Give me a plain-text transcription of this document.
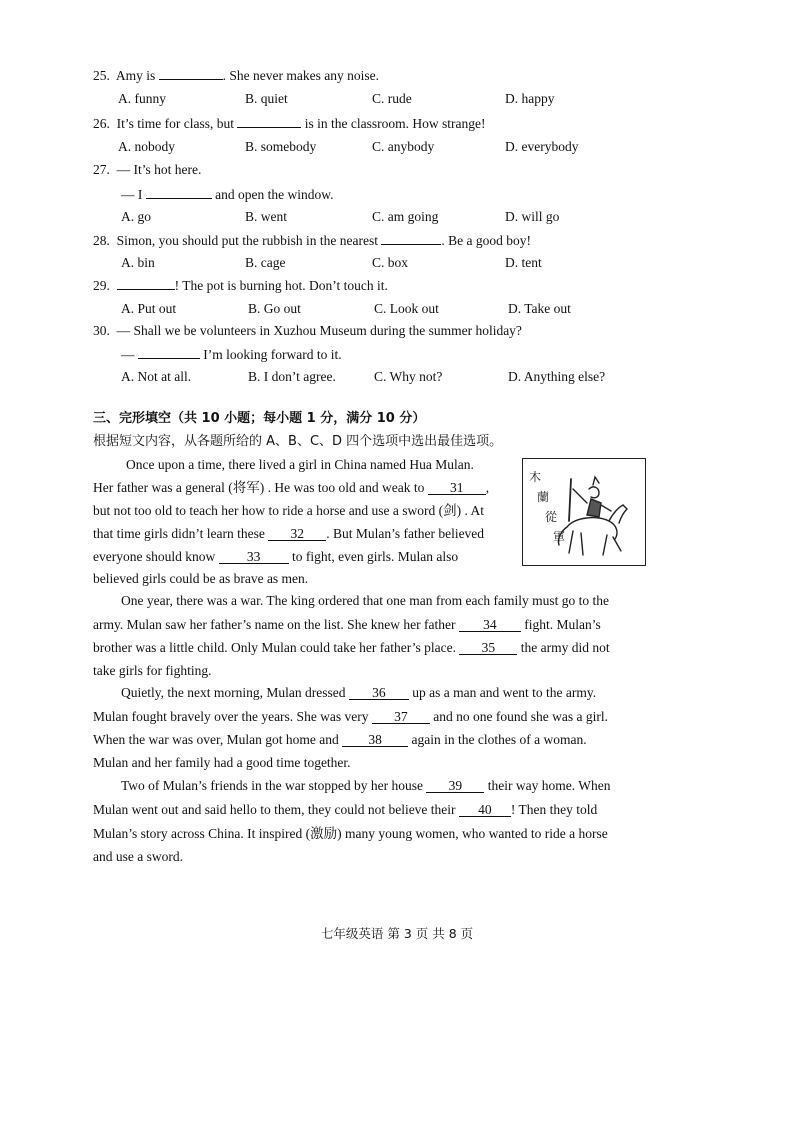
25. Amy is	. She never makes any noise.
A. funny	B. quiet	C. rude	D. happy
26. It’s time for class, but	is in the classroom. How strange!
A. nobody	B. somebody	C. anybody	D. everybody
27. — It’s hot here.
— I	and open the window.
A. go	B. went	C. am going	D. will go
28. Simon, you should put the rubbish in the nearest	. Be a good boy!
A. bin	B. cage	C. box	D. tent
29.	! The pot is burning hot. Don’t touch it.
A. Put out	B. Go out	C. Look out	D. Take out
30. — Shall we be volunteers in Xuzhou Museum during the summer holiday?
—	I’m looking forward to it.
A. Not at all.	B. I don’t agree.	C. Why not?	D. Anything else?
三、完形填空（共 10 小题；每小题 1 分，满分 10 分）
根据短文内容，从各题所给的 A、B、C、D 四个选项中选出最佳选项。
木
蘭
從
軍
Once upon a time, there lived a girl in China named Hua Mulan.
Her father was a general (将军) . He was too old and weak to 31 ,
but not too old to teach her how to ride a horse and use a sword (剑) . At
that time girls didn’t learn these 32 . But Mulan’s father believed
everyone should know 33 to fight, even girls. Mulan also
believed girls could be as brave as men.
One year, there was a war. The king ordered that one man from each family must go to the
army. Mulan saw her father’s name on the list. She knew her father 34 fight. Mulan’s
brother was a little child. Only Mulan could take her father’s place. 35 the army did not
take girls for fighting.
Quietly, the next morning, Mulan dressed 36 up as a man and went to the army.
Mulan fought bravely over the years. She was very 37 and no one found she was a girl.
When the war was over, Mulan got home and 38 again in the clothes of a woman.
Mulan and her family had a good time together.
Two of Mulan’s friends in the war stopped by her house 39 their way home. When
Mulan went out and said hello to them, they could not believe their 40 ! Then they told
Mulan’s story across China. It inspired (激励) many young women, who wanted to ride a horse
and use a sword.
七年级英语 第 3 页 共 8 页
